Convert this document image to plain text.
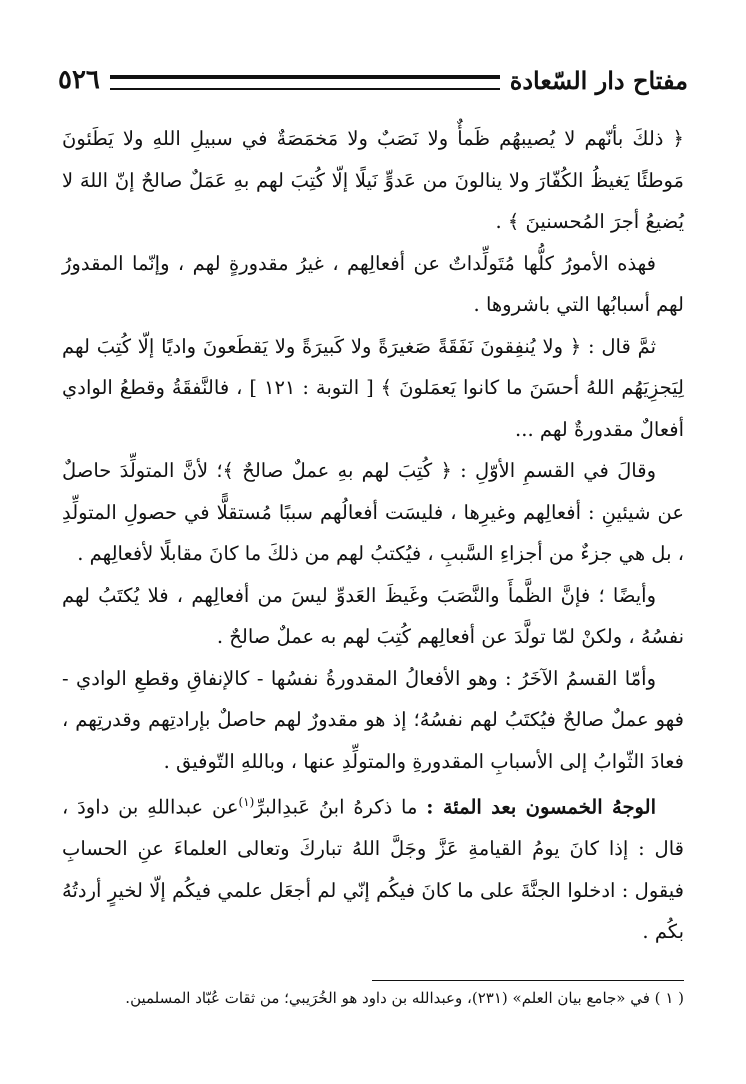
مفتاح دار السّعادة
٥٢٦

﴿ ذلكَ بأنّهم لا يُصيبهُم ظَمأٌ ولا نَصَبٌ ولا مَخمَصَةٌ في سبيلِ اللهِ ولا يَطَئونَ مَوطئًا يَغيظُ الكُفّارَ ولا ينالونَ من عَدوٍّ نَيلًا إلّا كُتِبَ لهم بهِ عَمَلٌ صالحٌ إنّ اللهَ لا يُضيعُ أجرَ المُحسنينَ ﴾ .

فهذه الأمورُ كلُّها مُتَولِّداتٌ عن أفعالِهم ، غيرُ مقدورةٍ لهم ، وإنّما المقدورُ لهم أسبابُها التي باشروها .

ثمَّ قال : ﴿ ولا يُنفِقونَ نَفَقَةً صَغيرَةً ولا كَبيرَةً ولا يَقطَعونَ واديًا إلّا كُتِبَ لهم لِيَجزِيَهُم اللهُ أحسَنَ ما كانوا يَعمَلونَ ﴾ [ التوبة : ١٢١ ] ، فالنَّفقَةُ وقطعُ الوادي أفعالٌ مقدورةٌ لهم ...

وقالَ في القسمِ الأوّلِ : ﴿ كُتِبَ لهم بهِ عملٌ صالحٌ ﴾؛ لأنَّ المتولِّدَ حاصلٌ عن شيئينِ : أفعالِهم وغيرِها ، فليسَت أفعالُهم سببًا مُستقلًّا في حصولِ المتولِّدِ ، بل هي جزءٌ من أجزاءِ السَّببِ ، فيُكتبُ لهم من ذلكَ ما كانَ مقابلًا لأفعالِهم .

وأيضًا ؛ فإنَّ الظَّمأَ والنَّصَبَ وغَيظَ العَدوِّ ليسَ من أفعالِهم ، فلا يُكتَبُ لهم نفسُهُ ، ولكنْ لمّا تولَّدَ عن أفعالِهم كُتِبَ لهم به عملٌ صالحٌ .

وأمّا القسمُ الآخَرُ : وهو الأفعالُ المقدورةُ نفسُها - كالإنفاقِ وقطعِ الوادي - فهو عملٌ صالحٌ فيُكتَبُ لهم نفسُهُ؛ إذ هو مقدورٌ لهم حاصلٌ بإرادتِهم وقدرتِهم ، فعادَ الثّوابُ إلى الأسبابِ المقدورةِ والمتولِّدِ عنها ، وباللهِ التّوفيق .

الوجهُ الخمسون بعد المئة : ما ذكرهُ ابنُ عَبدِالبرِّ$^{(١)}$عن عبداللهِ بن داودَ ، قال : إذا كانَ يومُ القيامةِ عَزَّ وجَلَّ اللهُ تباركَ وتعالى العلماءَ عنِ الحسابِ فيقول : ادخلوا الجنَّةَ على ما كانَ فيكُم إنّي لم أجعَل علمي فيكُم إلّا لخيرٍ أردتُهُ بكُم .

( ١ ) في «جامع بيان العلم» (٢٣١)، وعبدالله بن داود هو الخُرَيبي؛ من ثقات عُبّاد المسلمين.
